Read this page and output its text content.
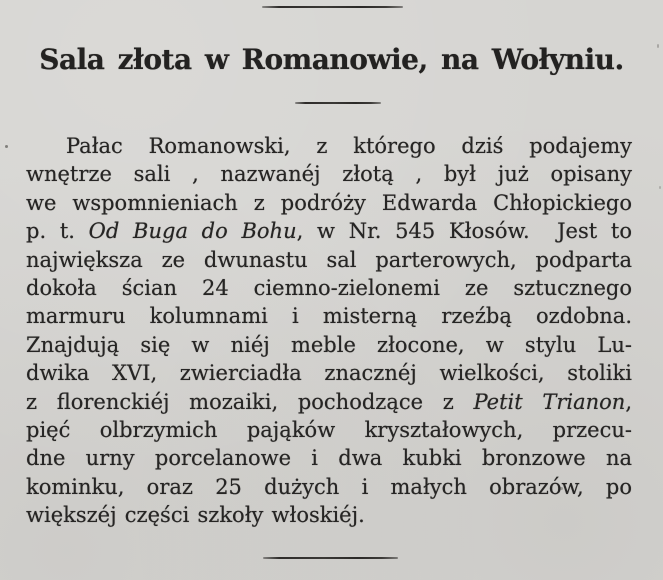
Sala złota w Romanowie, na Wołyniu.
Pałac Romanowski, z którego dziś podajemy
wnętrze sali , nazwanéj złotą , był już opisany
we wspomnieniach z podróży Edwarda Chłopickiego
p. t. Od Buga do Bohu, w Nr. 545 Kłosów.  Jest to
największa ze dwunastu sal parterowych, podparta
dokoła ścian 24 ciemno-zielonemi ze sztucznego
marmuru kolumnami i misterną rzeźbą ozdobna.
Znajdują się w niéj meble złocone, w stylu Lu-
dwika XVI, zwierciadła znacznéj wielkości, stoliki
z florenckiéj mozaiki, pochodzące z Petit Trianon,
pięć olbrzymich pająków kryształowych, przecu-
dne urny porcelanowe i dwa kubki bronzowe na
kominku, oraz 25 dużych i małych obrazów, po
większéj części szkoły włoskiéj.
